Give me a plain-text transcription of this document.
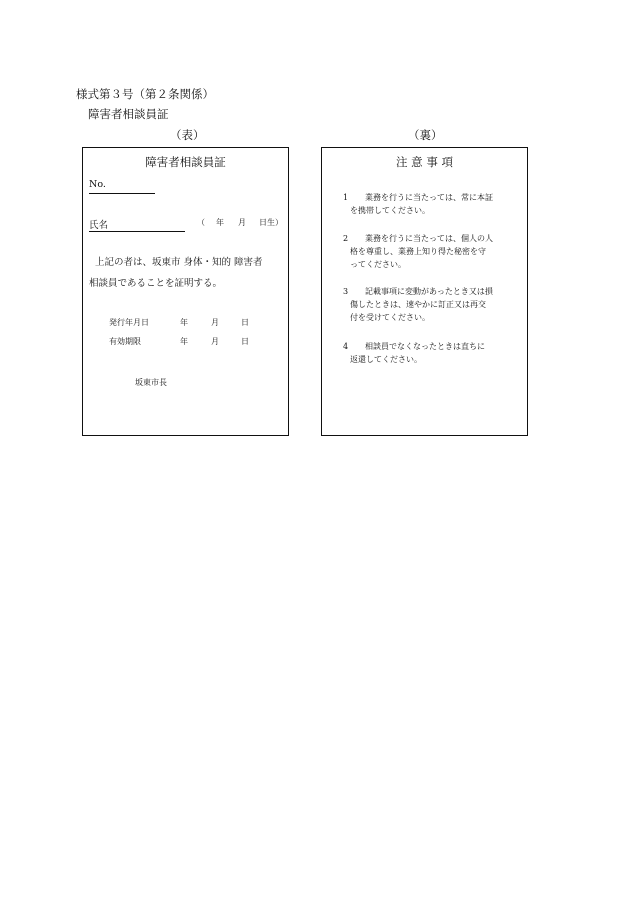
様式第３号（第２条関係）
障害者相談員証
（表）	（裏）
障害者相談員証
No.
氏名	（ 年 月 日生）
上記の者は、坂東市 身体・知的 障害者
相談員であることを証明する。
発行年月日	年	月	日
有効期限	年	月	日
坂東市長
注 意 事 項
1 業務を行うに当たっては、常に本証
を携帯してください。
2 業務を行うに当たっては、個人の人
格を尊重し、業務上知り得た秘密を守
ってください。
3 記載事項に変動があったとき又は損
傷したときは、速やかに訂正又は再交
付を受けてください。
4 相談員でなくなったときは直ちに
返還してください。
